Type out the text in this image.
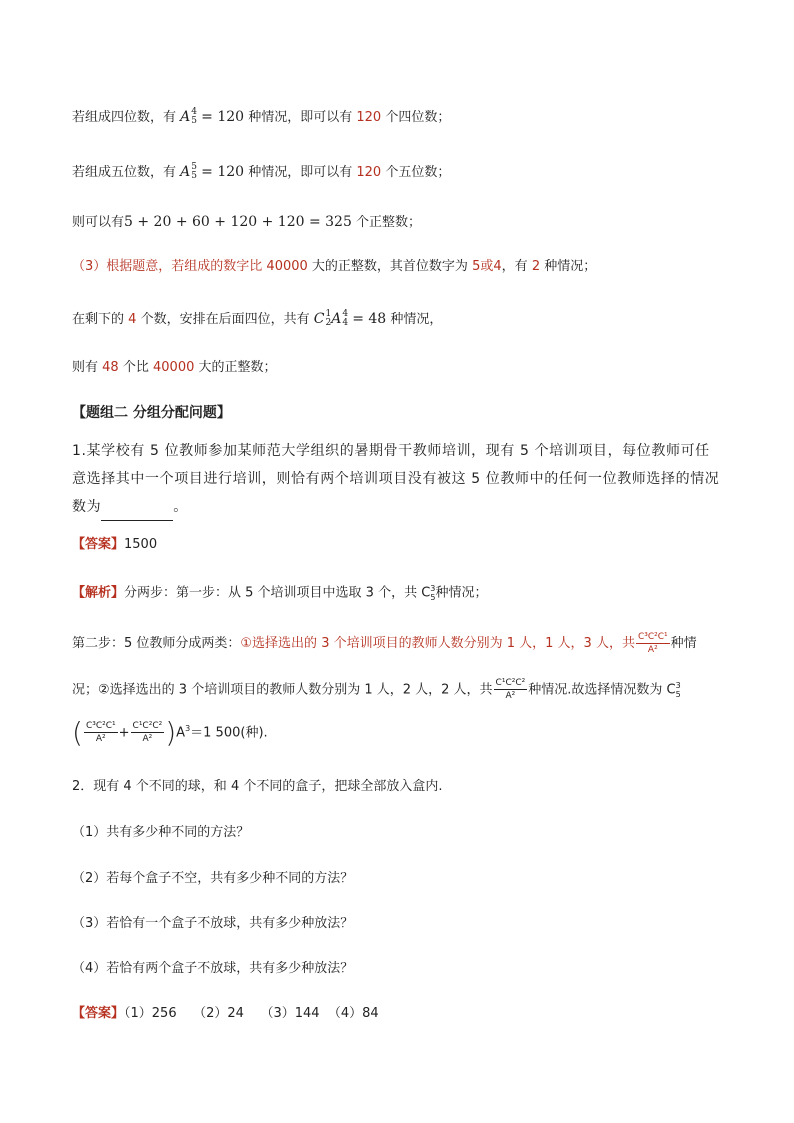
若组成四位数，有 A 4
5 = 120 种情况，即可以有 120 个四位数；
若组成五位数，有 A 5
5 = 120 种情况，即可以有 120 个五位数；
则可以有5 + 20 + 60 + 120 + 120 = 325 个正整数；
（3）根据题意，若组成的数字比 40000 大的正整数，其首位数字为 5或4，有 2 种情况；
在剩下的 4 个数，安排在后面四位，共有 C 1
2 A 4
4 = 48 种情况，
则有 48 个比 40000 大的正整数；
【题组二 分组分配问题】
1.某学校有 5 位教师参加某师范大学组织的暑期骨干教师培训，现有 5 个培训项目，每位教师可任意选择其中一个项目进行培训，则恰有两个培训项目没有被这 5 位教师中的任何一位教师选择的情况数为	。
【答案】1500
【解析】分两步：第一步：从 5 个培训项目中选取 3 个，共 $C^3_5$种情况；
第二步：5 位教师分成两类：①选择选出的 3 个培训项目的教师人数分别为 1 人，1 人，3 人，共 $\frac{\text{C³C²C¹}}{\text{A²}}$ 种情
况；②选择选出的 3 个培训项目的教师人数分别为 1 人，2 人，2 人，共 $\frac{\text{C¹C²C²}}{\text{A²}}$ 种情况.故选择情况数为 $C^3_5$
( $\frac{\text{C³C²C¹}}{\text{A²}} + \frac{\text{C¹C²C²}}{\text{A²}} )A^3=1$ 500(种).
2．现有 4 个不同的球，和 4 个不同的盒子，把球全部放入盒内.
（1）共有多少种不同的方法？
（2）若每个盒子不空，共有多少种不同的方法？
（3）若恰有一个盒子不放球，共有多少种放法？
（4）若恰有两个盒子不放球，共有多少种放法？
【答案】（1）256    （2）24    （3）144  （4）84
